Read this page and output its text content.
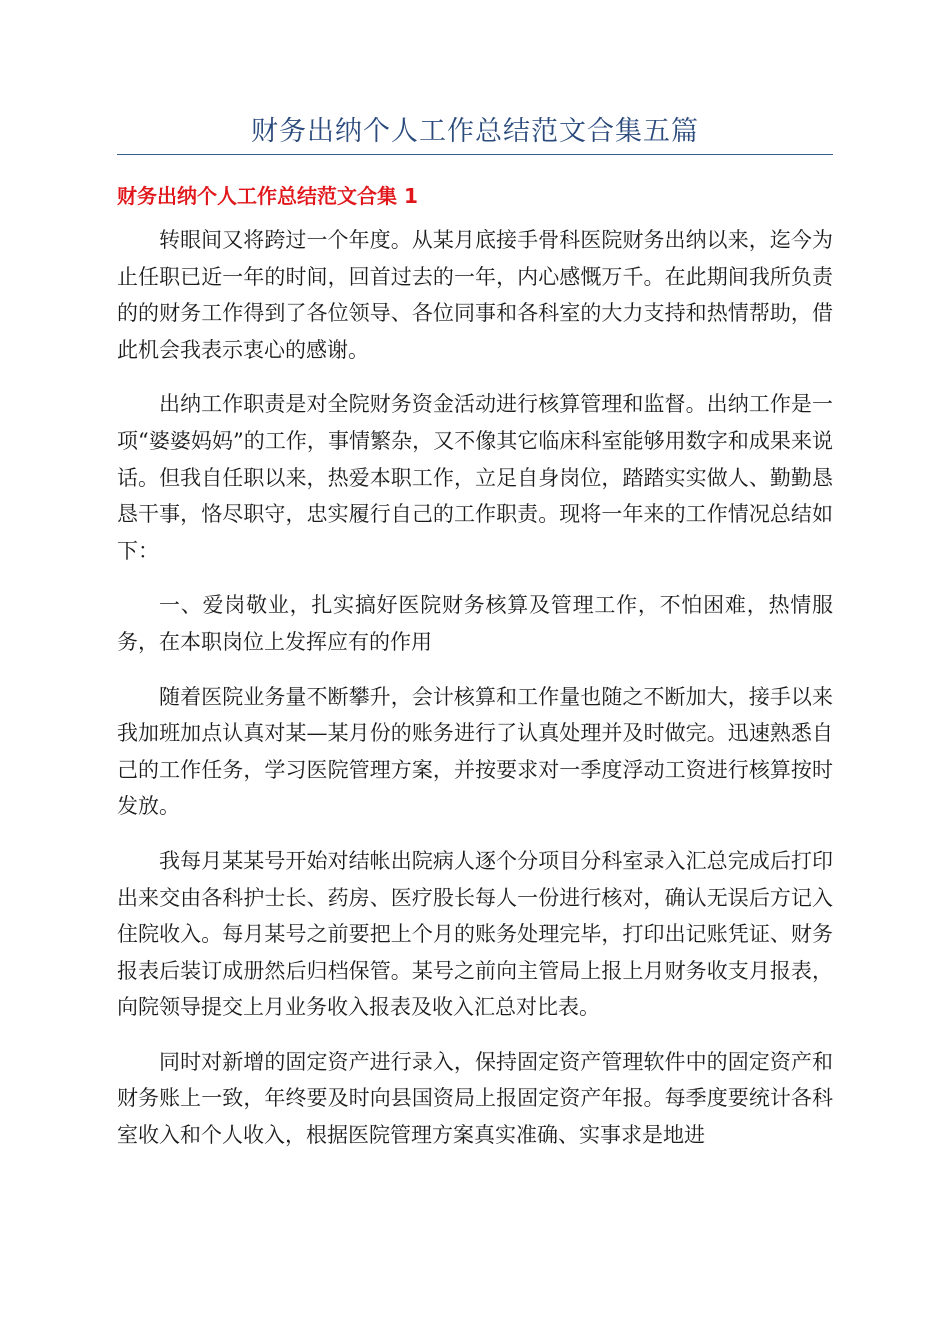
财务出纳个人工作总结范文合集五篇
财务出纳个人工作总结范文合集 1

转眼间又将跨过一个年度。从某月底接手骨科医院财务出纳以来，迄今为止任职已近一年的时间，回首过去的一年，内心感慨万千。在此期间我所负责的的财务工作得到了各位领导、各位同事和各科室的大力支持和热情帮助，借此机会我表示衷心的感谢。

出纳工作职责是对全院财务资金活动进行核算管理和监督。出纳工作是一项“婆婆妈妈”的工作，事情繁杂，又不像其它临床科室能够用数字和成果来说话。但我自任职以来，热爱本职工作，立足自身岗位，踏踏实实做人、勤勤恳恳干事，恪尽职守，忠实履行自己的工作职责。现将一年来的工作情况总结如下：

一、爱岗敬业，扎实搞好医院财务核算及管理工作，不怕困难，热情服务，在本职岗位上发挥应有的作用

随着医院业务量不断攀升，会计核算和工作量也随之不断加大，接手以来我加班加点认真对某—某月份的账务进行了认真处理并及时做完。迅速熟悉自己的工作任务，学习医院管理方案，并按要求对一季度浮动工资进行核算按时发放。

我每月某某号开始对结帐出院病人逐个分项目分科室录入汇总完成后打印出来交由各科护士长、药房、医疗股长每人一份进行核对，确认无误后方记入住院收入。每月某号之前要把上个月的账务处理完毕，打印出记账凭证、财务报表后装订成册然后归档保管。某号之前向主管局上报上月财务收支月报表，向院领导提交上月业务收入报表及收入汇总对比表。

同时对新增的固定资产进行录入，保持固定资产管理软件中的固定资产和财务账上一致，年终要及时向县国资局上报固定资产年报。每季度要统计各科室收入和个人收入，根据医院管理方案真实准确、实事求是地进
